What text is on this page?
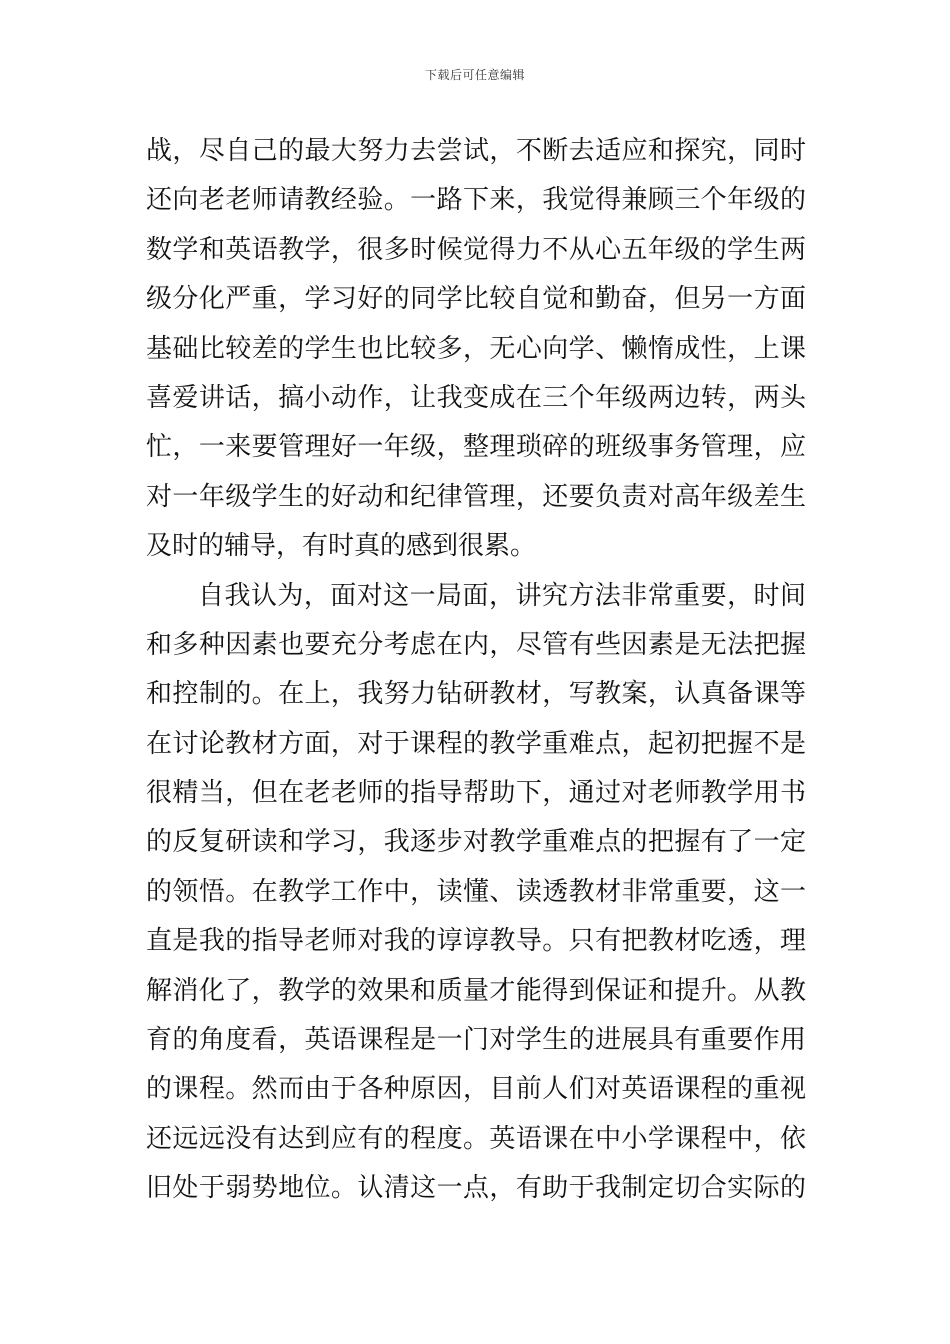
下载后可任意编辑
战，尽自己的最大努力去尝试，不断去适应和探究，同时
还向老老师请教经验。一路下来，我觉得兼顾三个年级的
数学和英语教学，很多时候觉得力不从心五年级的学生两
级分化严重，学习好的同学比较自觉和勤奋，但另一方面
基础比较差的学生也比较多，无心向学、懒惰成性，上课
喜爱讲话，搞小动作，让我变成在三个年级两边转，两头
忙，一来要管理好一年级，整理琐碎的班级事务管理，应
对一年级学生的好动和纪律管理，还要负责对高年级差生
及时的辅导，有时真的感到很累。
自我认为，面对这一局面，讲究方法非常重要，时间
和多种因素也要充分考虑在内，尽管有些因素是无法把握
和控制的。在上，我努力钻研教材，写教案，认真备课等
在讨论教材方面，对于课程的教学重难点，起初把握不是
很精当，但在老老师的指导帮助下，通过对老师教学用书
的反复研读和学习，我逐步对教学重难点的把握有了一定
的领悟。在教学工作中，读懂、读透教材非常重要，这一
直是我的指导老师对我的谆谆教导。只有把教材吃透，理
解消化了，教学的效果和质量才能得到保证和提升。从教
育的角度看，英语课程是一门对学生的进展具有重要作用
的课程。然而由于各种原因，目前人们对英语课程的重视
还远远没有达到应有的程度。英语课在中小学课程中，依
旧处于弱势地位。认清这一点，有助于我制定切合实际的
